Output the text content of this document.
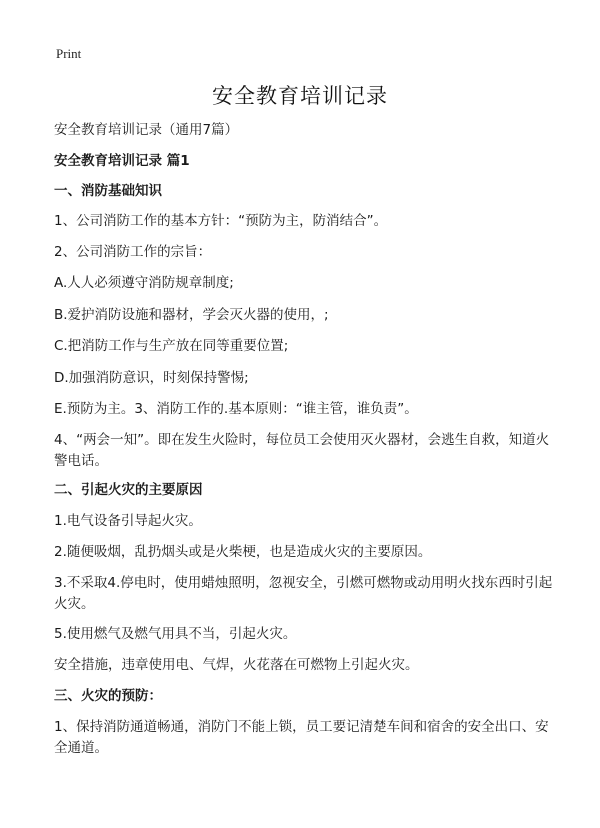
Print
安全教育培训记录
安全教育培训记录（通用7篇）
安全教育培训记录 篇1
一、消防基础知识
1、公司消防工作的基本方针：“预防为主，防消结合”。
2、公司消防工作的宗旨：
A.人人必须遵守消防规章制度;
B.爱护消防设施和器材，学会灭火器的使用，;
C.把消防工作与生产放在同等重要位置;
D.加强消防意识，时刻保持警惕;
E.预防为主。3、消防工作的.基本原则：“谁主管，谁负责”。
4、“两会一知”。即在发生火险时，每位员工会使用灭火器材，会逃生自救，知道火警电话。
二、引起火灾的主要原因
1.电气设备引导起火灾。
2.随便吸烟，乱扔烟头或是火柴梗，也是造成火灾的主要原因。
3.不采取4.停电时，使用蜡烛照明，忽视安全，引燃可燃物或动用明火找东西时引起火灾。
5.使用燃气及燃气用具不当，引起火灾。
安全措施，违章使用电、气焊，火花落在可燃物上引起火灾。
三、火灾的预防：
1、保持消防通道畅通，消防门不能上锁，员工要记清楚车间和宿舍的安全出口、安全通道。
